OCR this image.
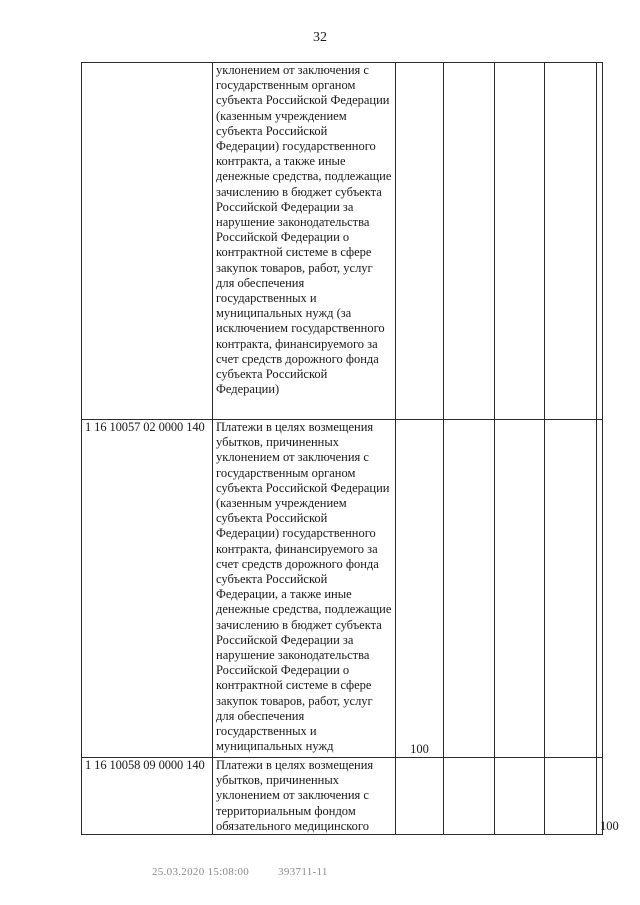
32
	уклонением от заключения с государственным органом субъекта Российской Федерации (казенным учреждением субъекта Российской Федерации) государственного контракта, а также иные денежные средства, подлежащие зачислению в бюджет субъекта Российской Федерации за нарушение законодательства Российской Федерации о контрактной системе в сфере закупок товаров, работ, услуг для обеспечения государственных и муниципальных нужд (за исключением государственного контракта, финансируемого за счет средств дорожного фонда субъекта Российской Федерации)	

1 16 10057 02 0000 140	Платежи в целях возмещения убытков, причиненных уклонением от заключения с государственным органом субъекта Российской Федерации (казенным учреждением субъекта Российской Федерации) государственного контракта, финансируемого за счет средств дорожного фонда субъекта Российской Федерации, а также иные денежные средства, подлежащие зачислению в бюджет субъекта Российской Федерации за нарушение законодательства Российской Федерации о контрактной системе в сфере закупок товаров, работ, услуг для обеспечения государственных и муниципальных нужд	100				

1 16 10058 09 0000 140	Платежи в целях возмещения убытков, причиненных уклонением от заключения с территориальным фондом обязательного медицинского					100
25.03.2020 15:08:00	393711-11
